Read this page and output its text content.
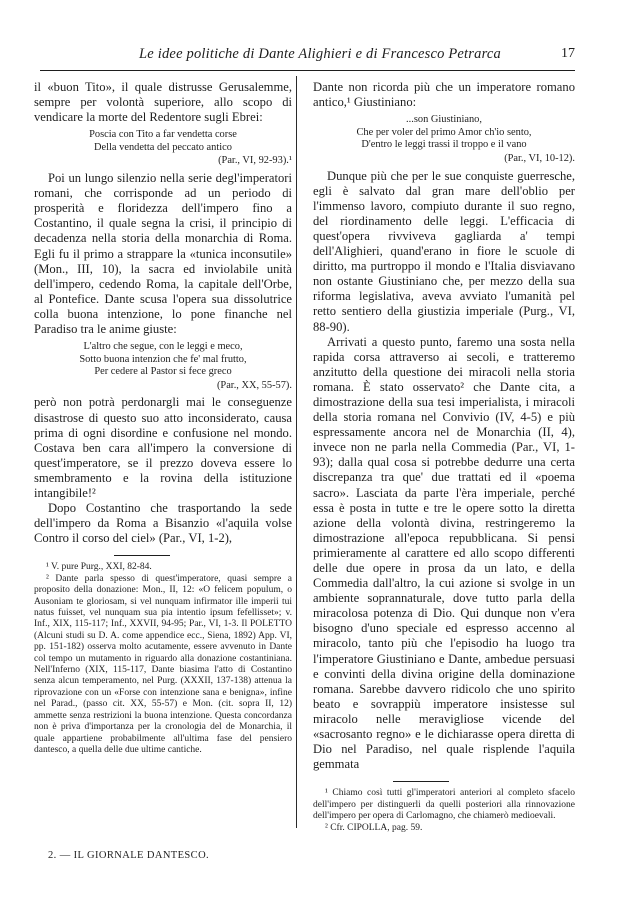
Le idee politiche di Dante Alighieri e di Francesco Petrarca	17

il «buon Tito», il quale distrusse Gerusalemme, sempre per volontà superiore, allo scopo di vendicare la morte del Redentore sugli Ebrei:

Poscia con Tito a far vendetta corse
Della vendetta del peccato antico
(Par., VI, 92-93).¹

Poi un lungo silenzio nella serie degl'imperatori romani, che corrisponde ad un periodo di prosperità e floridezza dell'impero fino a Costantino, il quale segna la crisi, il principio di decadenza nella storia della monarchia di Roma. Egli fu il primo a strappare la «tunica inconsutile» (Mon., III, 10), la sacra ed inviolabile unità dell'impero, cedendo Roma, la capitale dell'Orbe, al Pontefice. Dante scusa l'opera sua dissolutrice colla buona intenzione, lo pone finanche nel Paradiso tra le anime giuste:

L'altro che segue, con le leggi e meco,
Sotto buona intenzion che fe' mal frutto,
Per cedere al Pastor si fece greco
(Par., XX, 55-57).

però non potrà perdonargli mai le conseguenze disastrose di questo suo atto inconsiderato, causa prima di ogni disordine e confusione nel mondo. Costava ben cara all'impero la conversione di quest'imperatore, se il prezzo doveva essere lo smembramento e la rovina della istituzione intangibile!²

Dopo Costantino che trasportando la sede dell'impero da Roma a Bisanzio «l'aquila volse Contro il corso del ciel» (Par., VI, 1-2),

¹ V. pure Purg., XXI, 82-84.

² Dante parla spesso di quest'imperatore, quasi sempre a proposito della donazione: Mon., II, 12: «O felicem populum, o Ausoniam te gloriosam, si vel nunquam infirmator ille imperii tui natus fuisset, vel nunquam sua pia intentio ipsum fefellisset»; v. Inf., XIX, 115-117; Inf., XXVII, 94-95; Par., VI, 1-3. Il POLETTO (Alcuni studi su D. A. come appendice ecc., Siena, 1892) App. VI, pp. 151-182) osserva molto acutamente, essere avvenuto in Dante col tempo un mutamento in riguardo alla donazione costantiniana. Nell'Inferno (XIX, 115-117, Dante biasima l'atto di Costantino senza alcun temperamento, nel Purg. (XXXII, 137-138) attenua la riprovazione con un «Forse con intenzione sana e benigna», infine nel Parad., (passo cit. XX, 55-57) e Mon. (cit. sopra II, 12) ammette senza restrizioni la buona intenzione. Questa concordanza non è priva d'importanza per la cronologia del de Monarchia, il quale appartiene probabilmente all'ultima fase del pensiero dantesco, a quella delle due ultime cantiche.

Dante non ricorda più che un imperatore romano antico,¹ Giustiniano:

...son Giustiniano,
Che per voler del primo Amor ch'io sento,
D'entro le leggi trassi il troppo e il vano
(Par., VI, 10-12).

Dunque più che per le sue conquiste guerresche, egli è salvato dal gran mare dell'oblio per l'immenso lavoro, compiuto durante il suo regno, del riordinamento delle leggi. L'efficacia di quest'opera rivviveva gagliarda a' tempi dell'Alighieri, quand'erano in fiore le scuole di diritto, ma purtroppo il mondo e l'Italia disviavano non ostante Giustiniano che, per mezzo della sua riforma legislativa, aveva avviato l'umanità pel retto sentiero della giustizia imperiale (Purg., VI, 88-90).

Arrivati a questo punto, faremo una sosta nella rapida corsa attraverso ai secoli, e tratteremo anzitutto della questione dei miracoli nella storia romana. È stato osservato² che Dante cita, a dimostrazione della sua tesi imperialista, i miracoli della storia romana nel Convivio (IV, 4-5) e più espressamente ancora nel de Monarchia (II, 4), invece non ne parla nella Commedia (Par., VI, 1-93); dalla qual cosa si potrebbe dedurre una certa discrepanza tra que' due trattati ed il «poema sacro». Lasciata da parte l'èra imperiale, perché essa è posta in tutte e tre le opere sotto la diretta azione della volontà divina, restringeremo la dimostrazione all'epoca repubblicana. Si pensi primieramente al carattere ed allo scopo differenti delle due opere in prosa da un lato, e della Commedia dall'altro, la cui azione si svolge in un ambiente soprannaturale, dove tutto parla della miracolosa potenza di Dio. Qui dunque non v'era bisogno d'uno speciale ed espresso accenno al miracolo, tanto più che l'episodio ha luogo tra l'imperatore Giustiniano e Dante, ambedue persuasi e convinti della divina origine della dominazione romana. Sarebbe davvero ridicolo che uno spirito beato e sovrappiù imperatore insistesse sul miracolo nelle meravigliose vicende del «sacrosanto regno» e le dichiarasse opera diretta di Dio nel Paradiso, nel quale risplende l'aquila gemmata

¹ Chiamo così tutti gl'imperatori anteriori al completo sfacelo dell'impero per distinguerli da quelli posteriori alla rinnovazione dell'impero per opera di Carlomagno, che chiamerò medioevali.

² Cfr. CIPOLLA, pag. 59.

2. — IL GIORNALE DANTESCO.
